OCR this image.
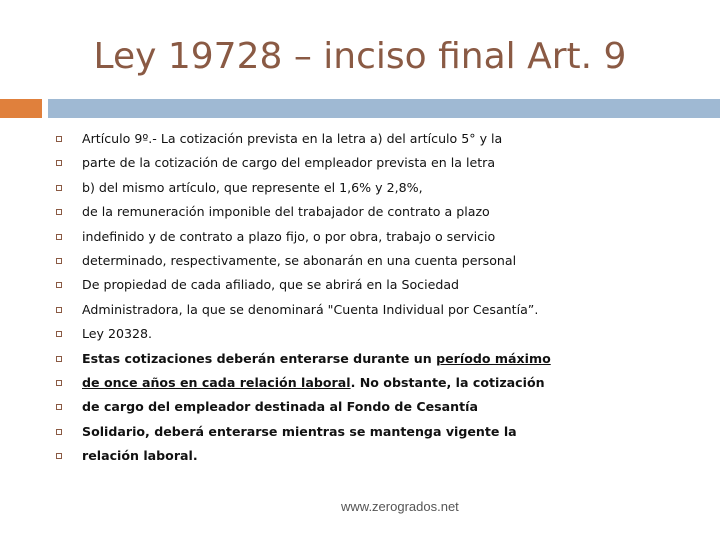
Ley 19728 – inciso final Art. 9
Artículo 9º.- La cotización prevista en la letra a) del artículo 5° y la
parte de la cotización de cargo del empleador prevista en la letra
b) del mismo artículo, que represente el 1,6% y 2,8%,
de la remuneración imponible del trabajador de contrato a plazo
indefinido y de contrato a plazo fijo, o por obra, trabajo o servicio
determinado, respectivamente, se abonarán en una cuenta personal
De propiedad de cada afiliado, que se abrirá en la Sociedad
Administradora, la que se denominará "Cuenta Individual por Cesantía”.
Ley 20328.
Estas cotizaciones deberán enterarse durante un período máximo
de once años en cada relación laboral. No obstante, la cotización
de cargo del empleador destinada al Fondo de Cesantía
Solidario, deberá enterarse mientras se mantenga vigente la
relación laboral.
www.zerogrados.net
